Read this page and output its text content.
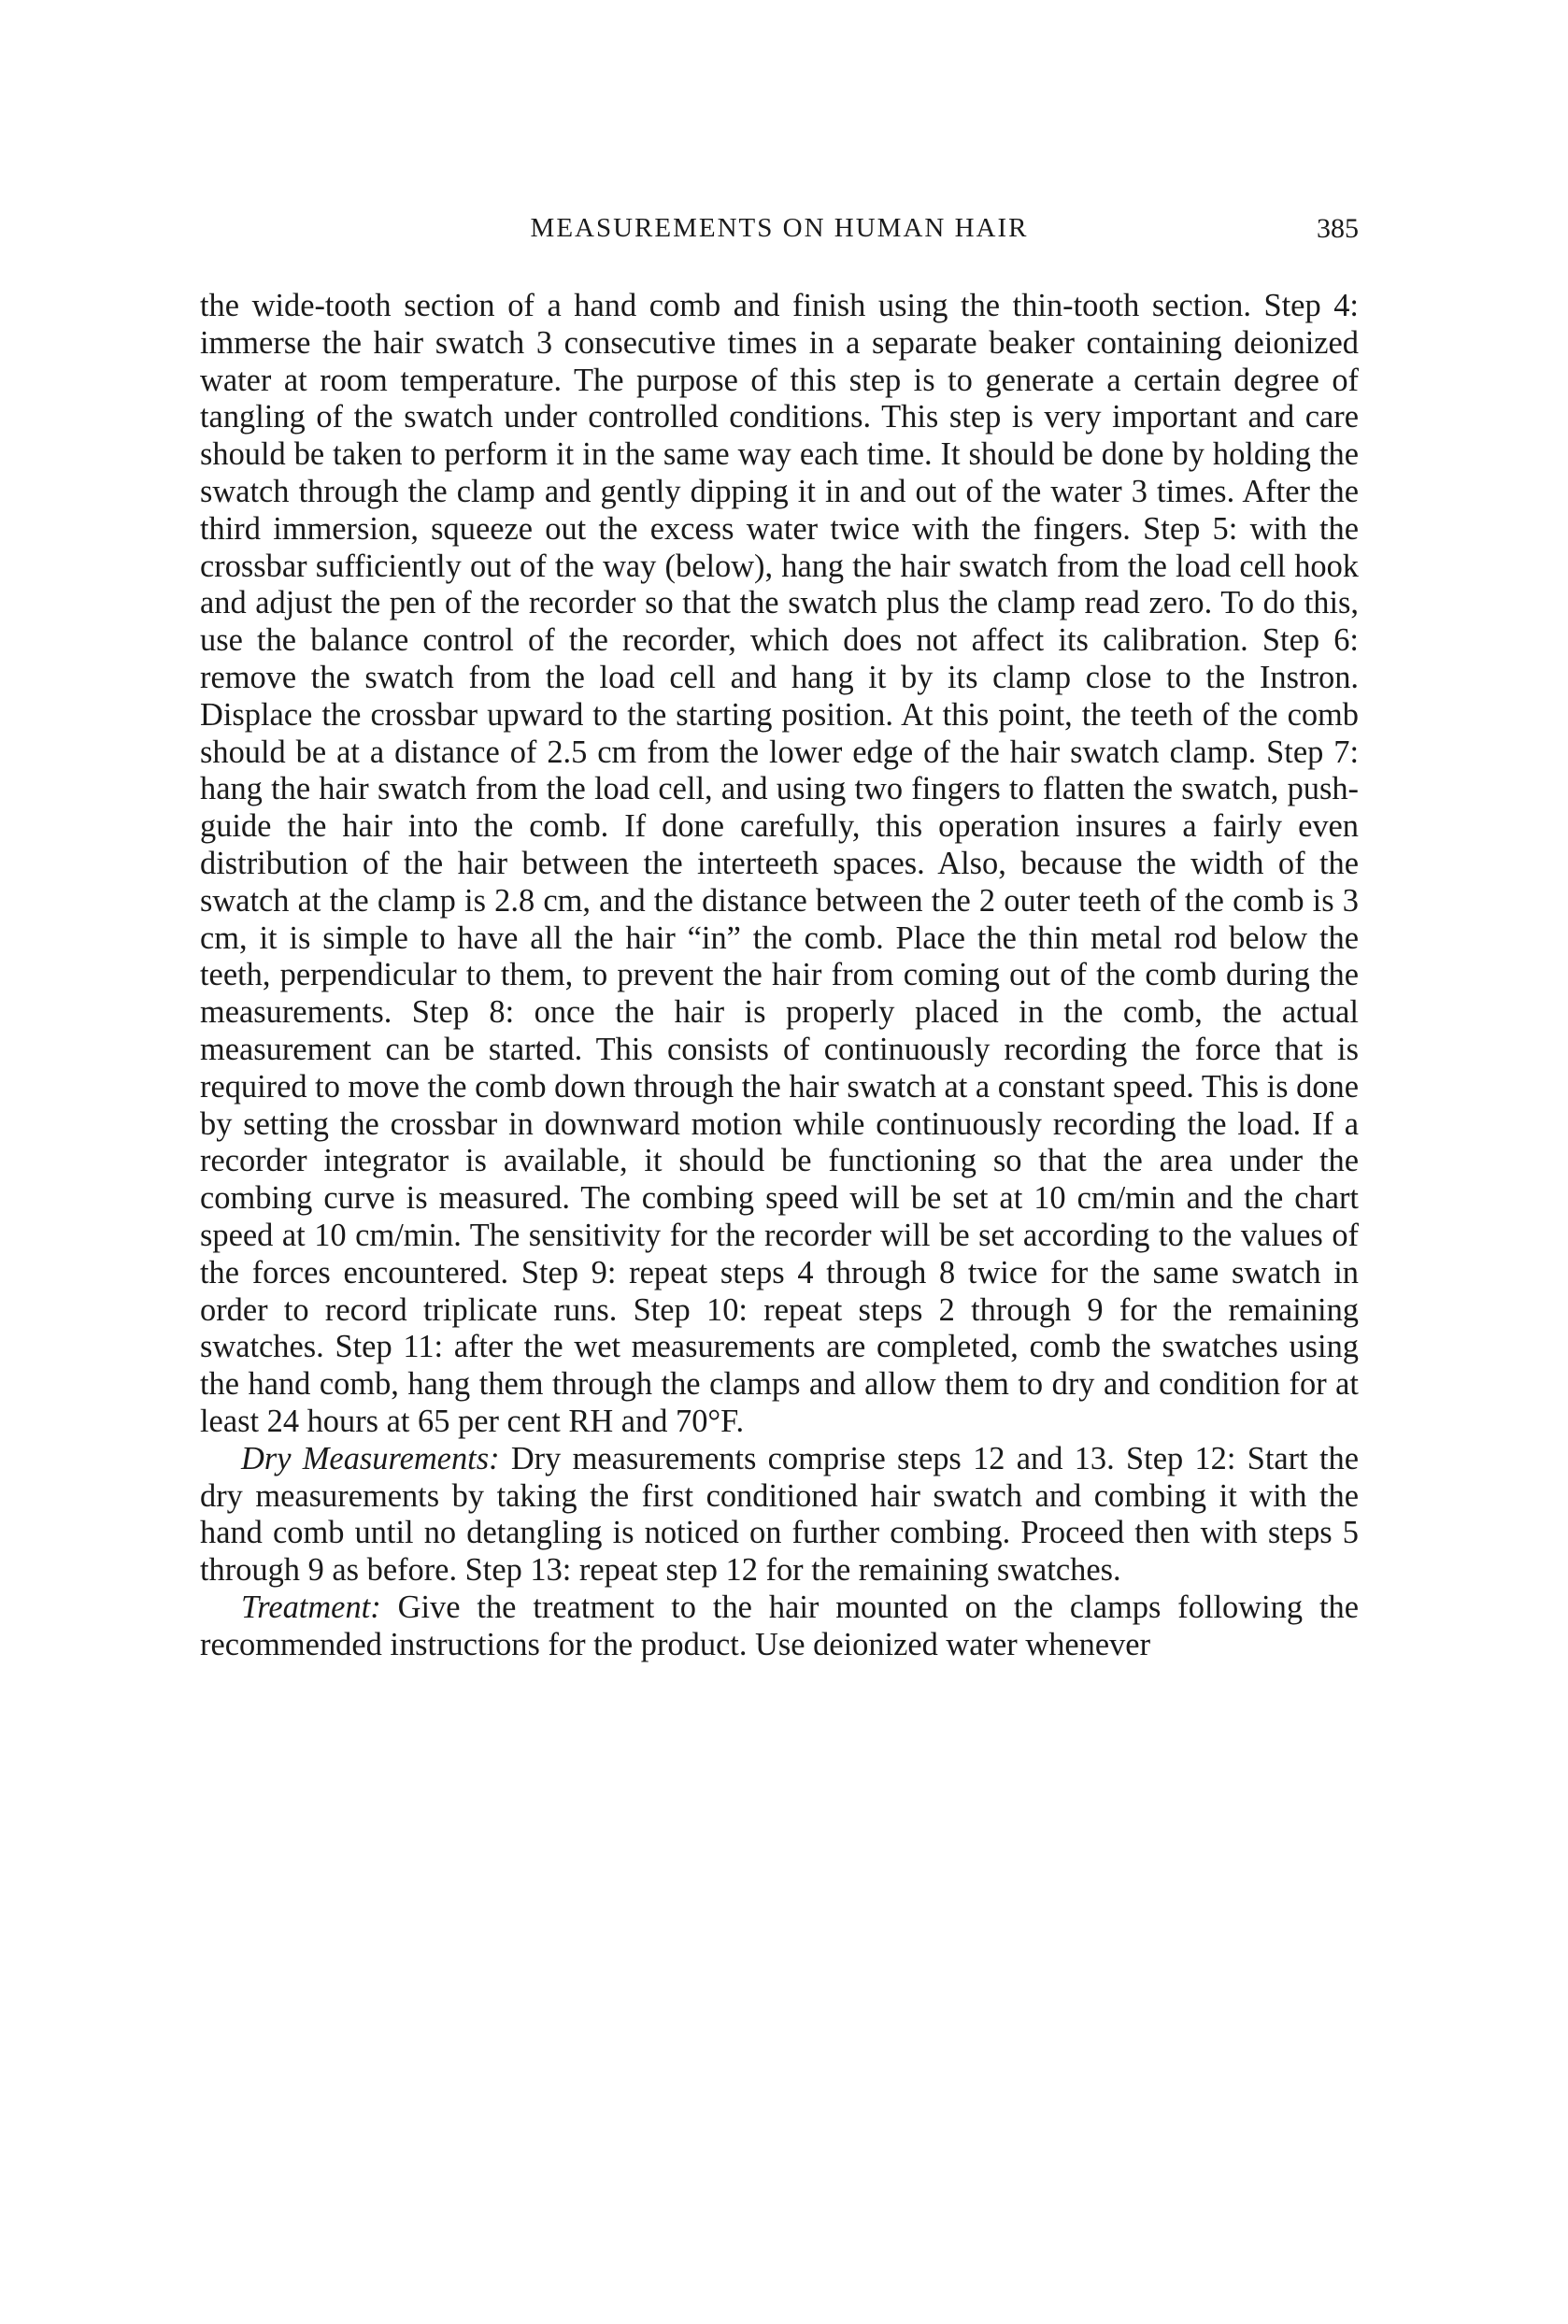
MEASUREMENTS ON HUMAN HAIR	385

the wide-tooth section of a hand comb and finish using the thin-tooth section. Step 4: immerse the hair swatch 3 consecutive times in a separate beaker containing deionized water at room temperature. The purpose of this step is to generate a certain degree of tangling of the swatch under controlled conditions. This step is very important and care should be taken to perform it in the same way each time. It should be done by holding the swatch through the clamp and gently dipping it in and out of the water 3 times. After the third immersion, squeeze out the excess water twice with the fingers. Step 5: with the crossbar sufficiently out of the way (below), hang the hair swatch from the load cell hook and adjust the pen of the recorder so that the swatch plus the clamp read zero. To do this, use the balance control of the recorder, which does not affect its calibration. Step 6: remove the swatch from the load cell and hang it by its clamp close to the Instron. Displace the crossbar upward to the starting position. At this point, the teeth of the comb should be at a distance of 2.5 cm from the lower edge of the hair swatch clamp. Step 7: hang the hair swatch from the load cell, and using two fingers to flatten the swatch, push-guide the hair into the comb. If done carefully, this operation insures a fairly even distribution of the hair between the interteeth spaces. Also, because the width of the swatch at the clamp is 2.8 cm, and the distance between the 2 outer teeth of the comb is 3 cm, it is simple to have all the hair “in” the comb. Place the thin metal rod below the teeth, perpendicular to them, to prevent the hair from coming out of the comb during the measurements. Step 8: once the hair is properly placed in the comb, the actual measurement can be started. This consists of continuously recording the force that is required to move the comb down through the hair swatch at a constant speed. This is done by setting the crossbar in downward motion while continuously recording the load. If a recorder integrator is available, it should be functioning so that the area under the combing curve is measured. The combing speed will be set at 10 cm/min and the chart speed at 10 cm/min. The sensitivity for the recorder will be set according to the values of the forces encountered. Step 9: repeat steps 4 through 8 twice for the same swatch in order to record triplicate runs. Step 10: repeat steps 2 through 9 for the remaining swatches. Step 11: after the wet measurements are completed, comb the swatches using the hand comb, hang them through the clamps and allow them to dry and condition for at least 24 hours at 65 per cent RH and 70°F.

Dry Measurements: Dry measurements comprise steps 12 and 13. Step 12: Start the dry measurements by taking the first conditioned hair swatch and combing it with the hand comb until no detangling is noticed on further combing. Proceed then with steps 5 through 9 as before. Step 13: repeat step 12 for the remaining swatches.

Treatment: Give the treatment to the hair mounted on the clamps following the recommended instructions for the product. Use deionized water whenever
